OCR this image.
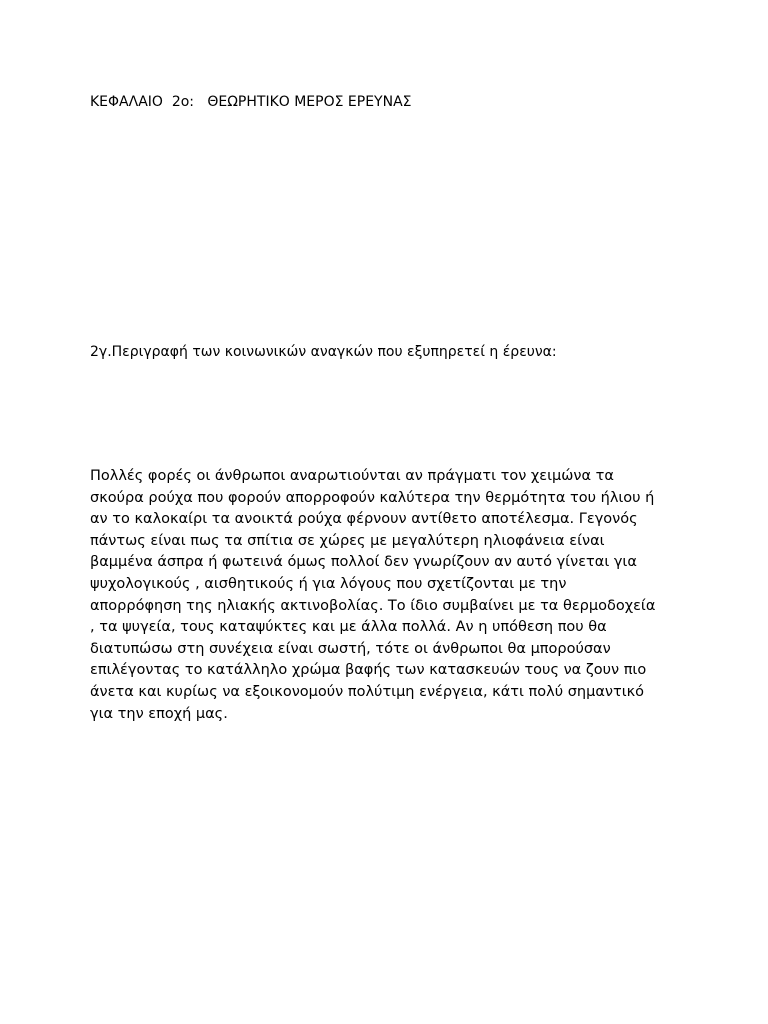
ΚΕΦΑΛΑΙΟ  2ο:   ΘΕΩΡΗΤΙΚΟ ΜΕΡΟΣ ΕΡΕΥΝΑΣ
2γ.Περιγραφή των κοινωνικών αναγκών που εξυπηρετεί η έρευνα:

Πολλές φορές οι άνθρωποι αναρωτιούνται αν πράγματι τον χειμώνα τα
σκούρα ρούχα που φορούν απορροφούν καλύτερα την θερμότητα του ήλιου ή
αν το καλοκαίρι τα ανοικτά ρούχα φέρνουν αντίθετο αποτέλεσμα. Γεγονός
πάντως είναι πως τα σπίτια σε χώρες με μεγαλύτερη ηλιοφάνεια είναι
βαμμένα άσπρα ή φωτεινά όμως πολλοί δεν γνωρίζουν αν αυτό γίνεται για
ψυχολογικούς , αισθητικούς ή για λόγους που σχετίζονται με την
απορρόφηση της ηλιακής ακτινοβολίας. Το ίδιο συμβαίνει με τα θερμοδοχεία
, τα ψυγεία, τους καταψύκτες και με άλλα πολλά. Αν η υπόθεση που θα
διατυπώσω στη συνέχεια είναι σωστή, τότε οι άνθρωποι θα μπορούσαν
επιλέγοντας το κατάλληλο χρώμα βαφής των κατασκευών τους να ζουν πιο
άνετα και κυρίως να εξοικονομούν πολύτιμη ενέργεια, κάτι πολύ σημαντικό
για την εποχή μας.
